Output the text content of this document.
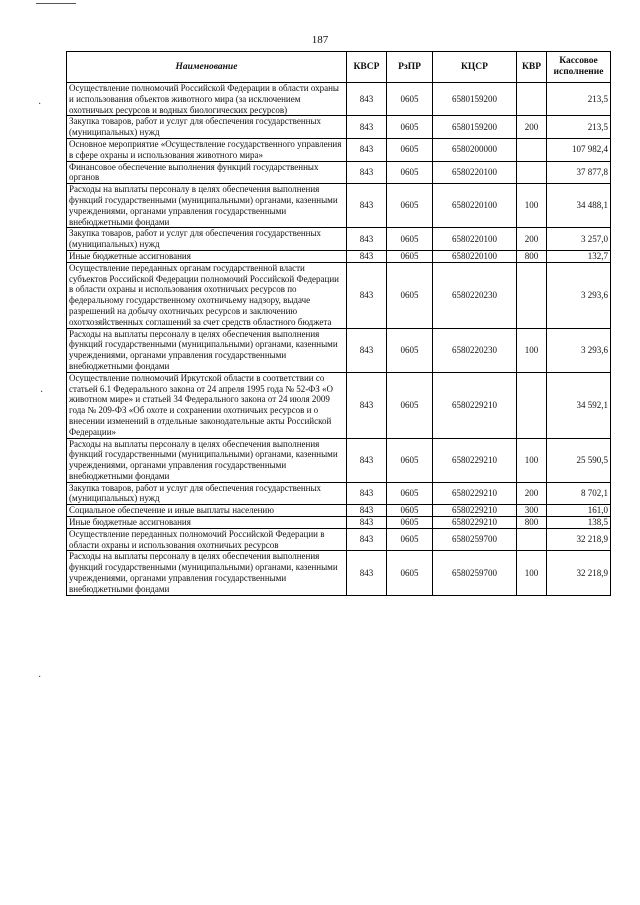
187
·
·
·
Наименование	КВСР	РзПР	КЦСР	КВР	Кассовое исполнение
Осуществление полномочий Российской Федерации в области охраны и использования объектов животного мира (за исключением охотничьих ресурсов и водных биологических ресурсов)	843	0605	6580159200		213,5
Закупка товаров, работ и услуг для обеспечения государственных (муниципальных) нужд	843	0605	6580159200	200	213,5
Основное мероприятие «Осуществление государственного управления в сфере охраны и использования животного мира»	843	0605	6580200000		107 982,4
Финансовое обеспечение выполнения функций государственных органов	843	0605	6580220100		37 877,8
Расходы на выплаты персоналу в целях обеспечения выполнения функций государственными (муниципальными) органами, казенными учреждениями, органами управления государственными внебюджетными фондами	843	0605	6580220100	100	34 488,1
Закупка товаров, работ и услуг для обеспечения государственных (муниципальных) нужд	843	0605	6580220100	200	3 257,0
Иные бюджетные ассигнования	843	0605	6580220100	800	132,7
Осуществление переданных органам государственной власти субъектов Российской Федерации полномочий Российской Федерации в области охраны и использования охотничьих ресурсов по федеральному государственному охотничьему надзору, выдаче разрешений на добычу охотничьих ресурсов и заключению охотхозяйственных соглашений за счет средств областного бюджета	843	0605	6580220230		3 293,6
Расходы на выплаты персоналу в целях обеспечения выполнения функций государственными (муниципальными) органами, казенными учреждениями, органами управления государственными внебюджетными фондами	843	0605	6580220230	100	3 293,6
Осуществление полномочий Иркутской области в соответствии со статьей 6.1 Федерального закона от 24 апреля 1995 года № 52-ФЗ «О животном мире» и статьей 34 Федерального закона от 24 июля 2009 года № 209-ФЗ «Об охоте и сохранении охотничьих ресурсов и о внесении изменений в отдельные законодательные акты Российской Федерации»	843	0605	6580229210		34 592,1
Расходы на выплаты персоналу в целях обеспечения выполнения функций государственными (муниципальными) органами, казенными учреждениями, органами управления государственными внебюджетными фондами	843	0605	6580229210	100	25 590,5
Закупка товаров, работ и услуг для обеспечения государственных (муниципальных) нужд	843	0605	6580229210	200	8 702,1
Социальное обеспечение и иные выплаты населению	843	0605	6580229210	300	161,0
Иные бюджетные ассигнования	843	0605	6580229210	800	138,5
Осуществление переданных полномочий Российской Федерации в области охраны и использования охотничьих ресурсов	843	0605	6580259700		32 218,9
Расходы на выплаты персоналу в целях обеспечения выполнения функций государственными (муниципальными) органами, казенными учреждениями, органами управления государственными внебюджетными фондами	843	0605	6580259700	100	32 218,9
